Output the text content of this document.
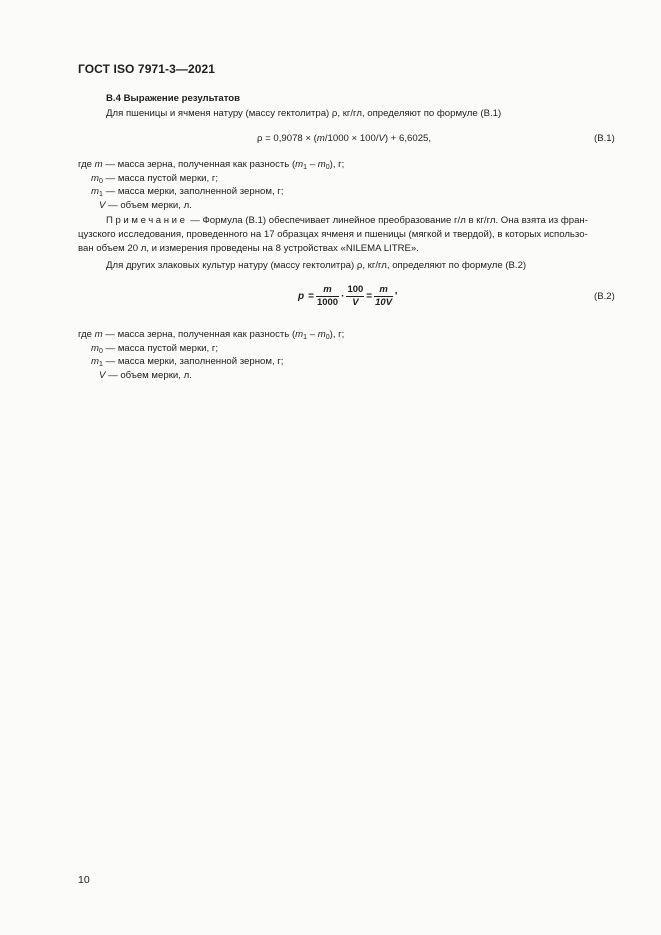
ГОСТ ISO 7971-3—2021
В.4 Выражение результатов
Для пшеницы и ячменя натуру (массу гектолитра) ρ, кг/гл, определяют по формуле (В.1)
ρ = 0,9078 × (m/1000 × 100/V) + 6,6025,	(В.1)
где m — масса зерна, полученная как разность $(m_1 - m_0)$, г;
$m_0$ — масса пустой мерки, г;
$m_1$ — масса мерки, заполненной зерном, г;
V — объем мерки, л.
Примечание — Формула (В.1) обеспечивает линейное преобразование г/л в кг/гл. Она взята из фран-
цузского исследования, проведенного на 17 образцах ячменя и пшеницы (мягкой и твердой), в которых использо-
ван объем 20 л, и измерения проведены на 8 устройствах «NILEMA LITRE».
Для других злаковых культур натуру (массу гектолитра) ρ, кг/гл, определяют по формуле (В.2)
$p = \frac{m}{1000} \cdot \frac{100}{V} = \frac{m}{10V}$ '	(В.2)
где m — масса зерна, полученная как разность $(m_1 - m_0)$, г;
$m_0$ — масса пустой мерки, г;
$m_1$ — масса мерки, заполненной зерном, г;
V — объем мерки, л.
10
